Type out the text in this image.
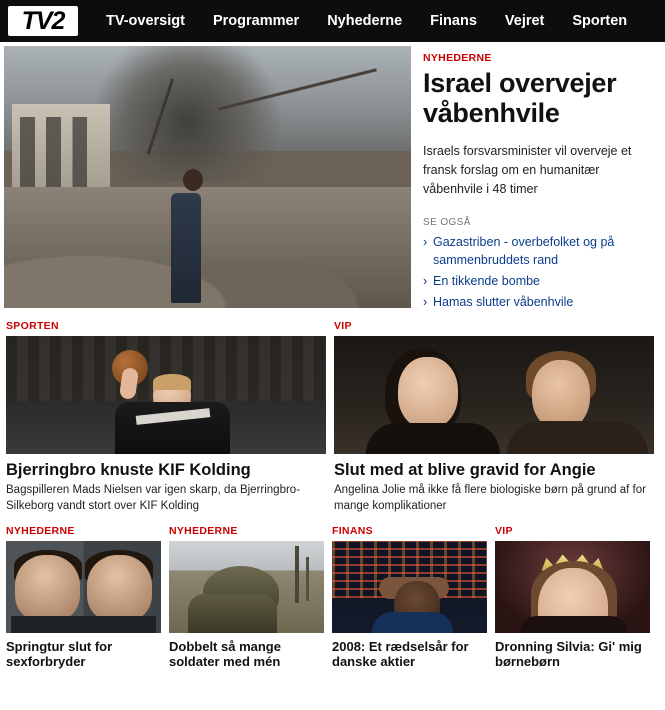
TV2	TV-oversigt	Programmer	Nyhederne	Finans	Vejret	Sporten
NYHEDERNE
Israel overvejer våbenhvile
Israels forsvarsminister vil overveje et fransk forslag om en humanitær våbenhvile i 48 timer
SE OGSÅ
› Gazastriben - overbefolket og på sammenbruddets rand
› En tikkende bombe
› Hamas slutter våbenhvile
SPORTEN
Bjerringbro knuste KIF Kolding
Bagspilleren Mads Nielsen var igen skarp, da Bjerringbro-Silkeborg vandt stort over KIF Kolding
VIP
Slut med at blive gravid for Angie
Angelina Jolie må ikke få flere biologiske børn på grund af for mange komplikationer
NYHEDERNE
Springtur slut for sexforbryder
NYHEDERNE
Dobbelt så mange soldater med mén
FINANS
2008: Et rædselsår for danske aktier
VIP
Dronning Silvia: Gi' mig børnebørn
